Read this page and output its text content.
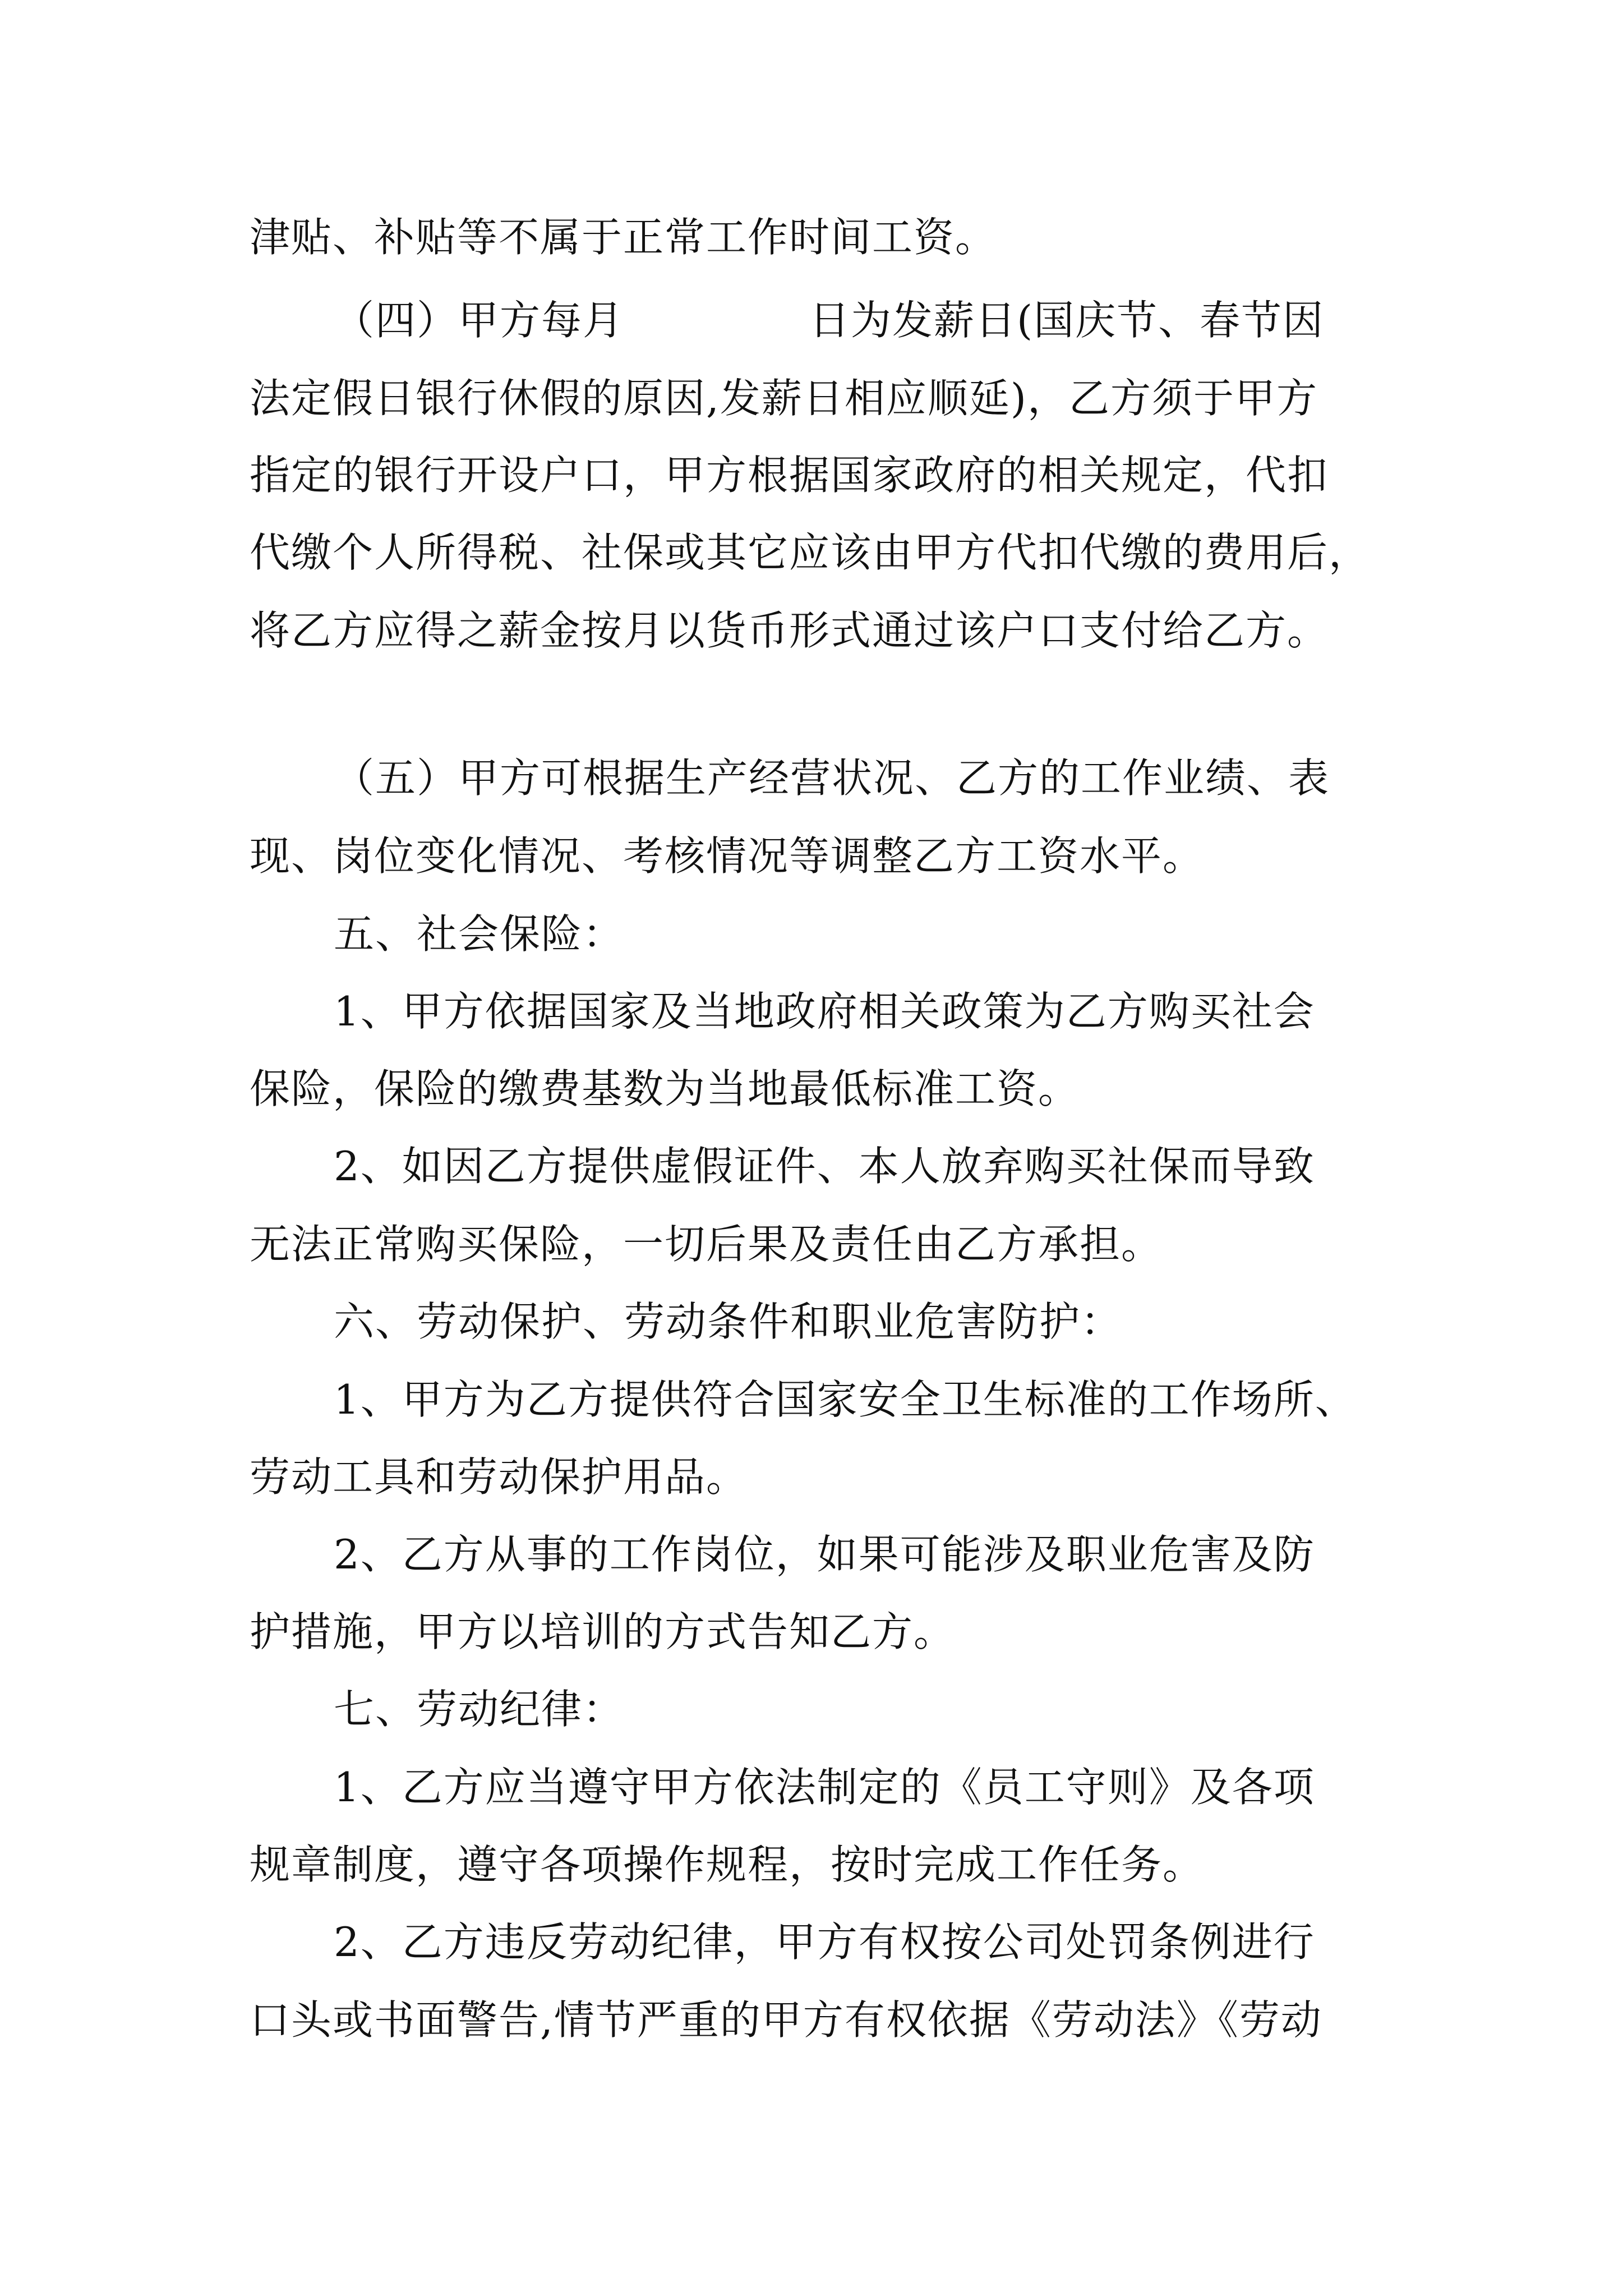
津贴、补贴等不属于正常工作时间工资。
（四）甲方每月	日为发薪日(国庆节、春节因
法定假日银行休假的原因,发薪日相应顺延)，乙方须于甲方
指定的银行开设户口，甲方根据国家政府的相关规定，代扣
代缴个人所得税、社保或其它应该由甲方代扣代缴的费用后，
将乙方应得之薪金按月以货币形式通过该户口支付给乙方。
（五）甲方可根据生产经营状况、乙方的工作业绩、表
现、岗位变化情况、考核情况等调整乙方工资水平。
五、社会保险：
1、甲方依据国家及当地政府相关政策为乙方购买社会
保险，保险的缴费基数为当地最低标准工资。
2、如因乙方提供虚假证件、本人放弃购买社保而导致
无法正常购买保险，一切后果及责任由乙方承担。
六、劳动保护、劳动条件和职业危害防护：
1、甲方为乙方提供符合国家安全卫生标准的工作场所、
劳动工具和劳动保护用品。
2、乙方从事的工作岗位，如果可能涉及职业危害及防
护措施，甲方以培训的方式告知乙方。
七、劳动纪律：
1、乙方应当遵守甲方依法制定的《员工守则》及各项
规章制度，遵守各项操作规程，按时完成工作任务。
2、乙方违反劳动纪律，甲方有权按公司处罚条例进行
口头或书面警告,情节严重的甲方有权依据《劳动法》《劳动
